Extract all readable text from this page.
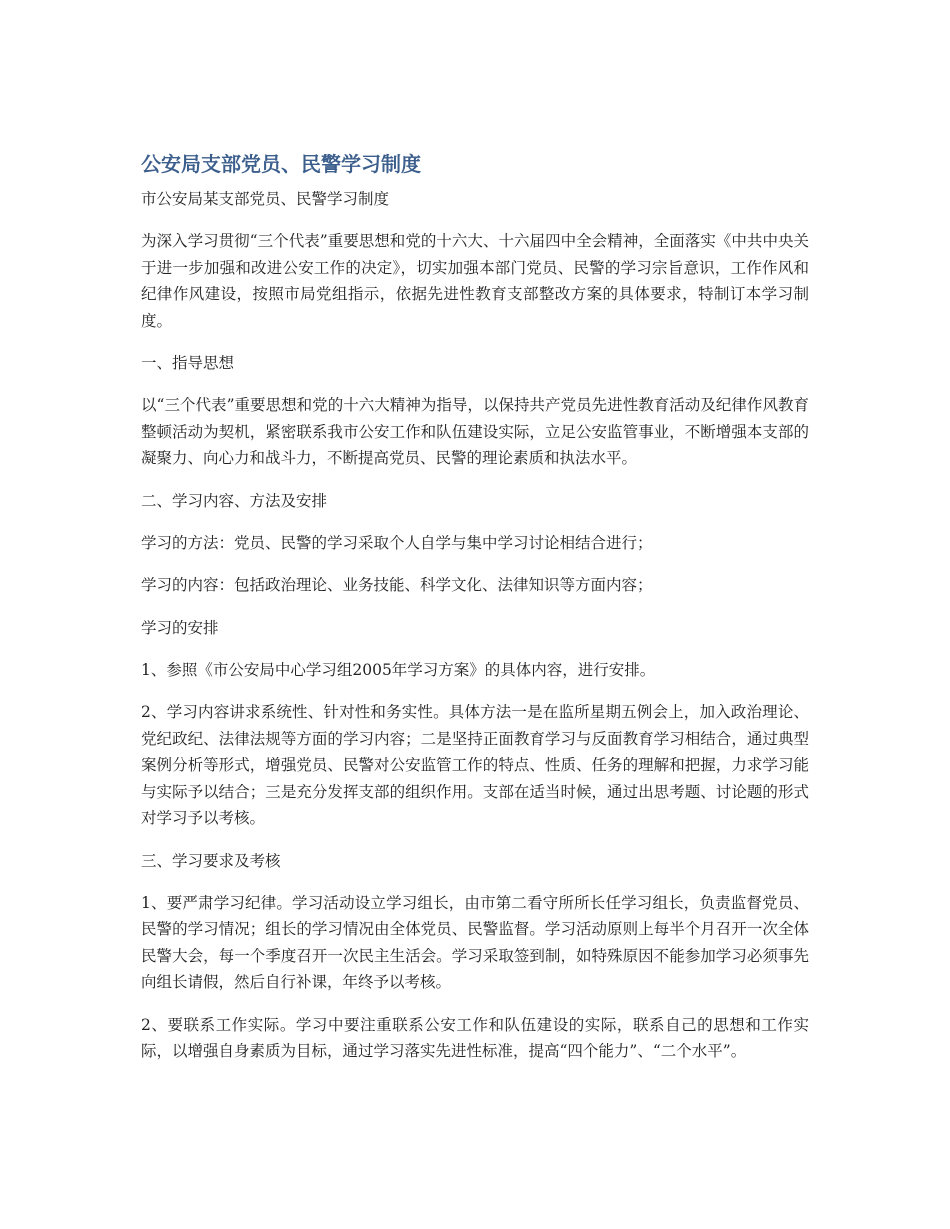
公安局支部党员、民警学习制度

市公安局某支部党员、民警学习制度

为深入学习贯彻“三个代表”重要思想和党的十六大、十六届四中全会精神，全面落实《中共中央关于进一步加强和改进公安工作的决定》，切实加强本部门党员、民警的学习宗旨意识，工作作风和纪律作风建设，按照市局党组指示，依据先进性教育支部整改方案的具体要求，特制订本学习制度。

一、指导思想

以“三个代表”重要思想和党的十六大精神为指导，以保持共产党员先进性教育活动及纪律作风教育整顿活动为契机，紧密联系我市公安工作和队伍建设实际，立足公安监管事业，不断增强本支部的凝聚力、向心力和战斗力，不断提高党员、民警的理论素质和执法水平。

二、学习内容、方法及安排

学习的方法：党员、民警的学习采取个人自学与集中学习讨论相结合进行；

学习的内容：包括政治理论、业务技能、科学文化、法律知识等方面内容；

学习的安排

1、参照《市公安局中心学习组2005年学习方案》的具体内容，进行安排。

2、学习内容讲求系统性、针对性和务实性。具体方法一是在监所星期五例会上，加入政治理论、党纪政纪、法律法规等方面的学习内容；二是坚持正面教育学习与反面教育学习相结合，通过典型案例分析等形式，增强党员、民警对公安监管工作的特点、性质、任务的理解和把握，力求学习能与实际予以结合；三是充分发挥支部的组织作用。支部在适当时候，通过出思考题、讨论题的形式对学习予以考核。

三、学习要求及考核

1、要严肃学习纪律。学习活动设立学习组长，由市第二看守所所长任学习组长，负责监督党员、民警的学习情况；组长的学习情况由全体党员、民警监督。学习活动原则上每半个月召开一次全体民警大会，每一个季度召开一次民主生活会。学习采取签到制，如特殊原因不能参加学习必须事先向组长请假，然后自行补课，年终予以考核。

2、要联系工作实际。学习中要注重联系公安工作和队伍建设的实际，联系自己的思想和工作实际，以增强自身素质为目标，通过学习落实先进性标准，提高“四个能力”、“二个水平”。
